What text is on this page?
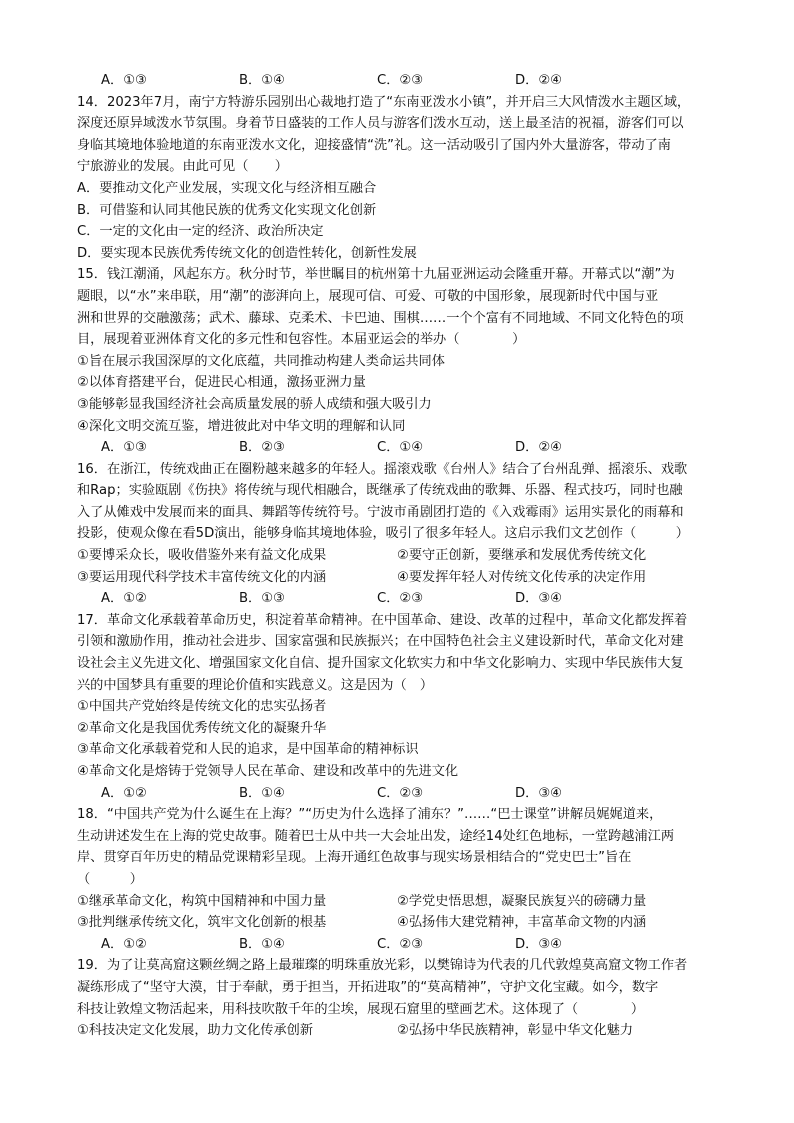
A．①③	B．①④	C．②③	D．②④
14．2023年7月，南宁方特游乐园别出心裁地打造了“东南亚泼水小镇”，并开启三大风情泼水主题区域，
深度还原异域泼水节氛围。身着节日盛装的工作人员与游客们泼水互动，送上最圣洁的祝福，游客们可以
身临其境地体验地道的东南亚泼水文化，迎接盛情“洗”礼。这一活动吸引了国内外大量游客，带动了南
宁旅游业的发展。由此可见（　　）
A．要推动文化产业发展，实现文化与经济相互融合
B．可借鉴和认同其他民族的优秀文化实现文化创新
C．一定的文化由一定的经济、政治所决定
D．要实现本民族优秀传统文化的创造性转化，创新性发展
15．钱江潮涌，风起东方。秋分时节，举世瞩目的杭州第十九届亚洲运动会隆重开幕。开幕式以“潮”为
题眼，以“水”来串联，用“潮”的澎湃向上，展现可信、可爱、可敬的中国形象，展现新时代中国与亚
洲和世界的交融激荡；武术、藤球、克柔术、卡巴迪、围棋……一个个富有不同地域、不同文化特色的项
目，展现着亚洲体育文化的多元性和包容性。本届亚运会的举办（　　　　）
①旨在展示我国深厚的文化底蕴，共同推动构建人类命运共同体
②以体育搭建平台，促进民心相通，激扬亚洲力量
③能够彰显我国经济社会高质量发展的骄人成绩和强大吸引力
④深化文明交流互鉴，增进彼此对中华文明的理解和认同
A．①③	B．②③	C．①④	D．②④
16．在浙江，传统戏曲正在圈粉越来越多的年轻人。摇滚戏歌《台州人》结合了台州乱弹、摇滚乐、戏歌
和Rap；实验瓯剧《伤抉》将传统与现代相融合，既继承了传统戏曲的歌舞、乐器、程式技巧，同时也融
入了从傩戏中发展而来的面具、舞蹈等传统符号。宁波市甬剧团打造的《入戏霉雨》运用实景化的雨幕和
投影，使观众像在看5D演出，能够身临其境地体验，吸引了很多年轻人。这启示我们文艺创作（　　　）
①要博采众长，吸收借鉴外来有益文化成果	②要守正创新，要继承和发展优秀传统文化
③要运用现代科学技术丰富传统文化的内涵	④要发挥年轻人对传统文化传承的决定作用
A．①②	B．①③	C．②③	D．③④
17．革命文化承载着革命历史，积淀着革命精神。在中国革命、建设、改革的过程中，革命文化都发挥着
引领和激励作用，推动社会进步、国家富强和民族振兴；在中国特色社会主义建设新时代，革命文化对建
设社会主义先进文化、增强国家文化自信、提升国家文化软实力和中华文化影响力、实现中华民族伟大复
兴的中国梦具有重要的理论价值和实践意义。这是因为（　）
①中国共产党始终是传统文化的忠实弘扬者
②革命文化是我国优秀传统文化的凝聚升华
③革命文化承载着党和人民的追求，是中国革命的精神标识
④革命文化是熔铸于党领导人民在革命、建设和改革中的先进文化
A．①②	B．①④	C．②③	D．③④
18．“中国共产党为什么诞生在上海？”“历史为什么选择了浦东？”……“巴士课堂”讲解员娓娓道来，
生动讲述发生在上海的党史故事。随着巴士从中共一大会址出发，途经14处红色地标，一堂跨越浦江两
岸、贯穿百年历史的精品党课精彩呈现。上海开通红色故事与现实场景相结合的“党史巴士”旨在
（　　　）
①继承革命文化，构筑中国精神和中国力量	②学党史悟思想，凝聚民族复兴的磅礴力量
③批判继承传统文化，筑牢文化创新的根基	④弘扬伟大建党精神，丰富革命文物的内涵
A．①②	B．①④	C．②③	D．③④
19．为了让莫高窟这颗丝绸之路上最璀璨的明珠重放光彩，以樊锦诗为代表的几代敦煌莫高窟文物工作者
凝练形成了“坚守大漠，甘于奉献，勇于担当，开拓进取”的“莫高精神”，守护文化宝藏。如今，数字
科技让敦煌文物活起来，用科技吹散千年的尘埃，展现石窟里的壁画艺术。这体现了（　　　　）
①科技决定文化发展，助力文化传承创新	②弘扬中华民族精神，彰显中华文化魅力
